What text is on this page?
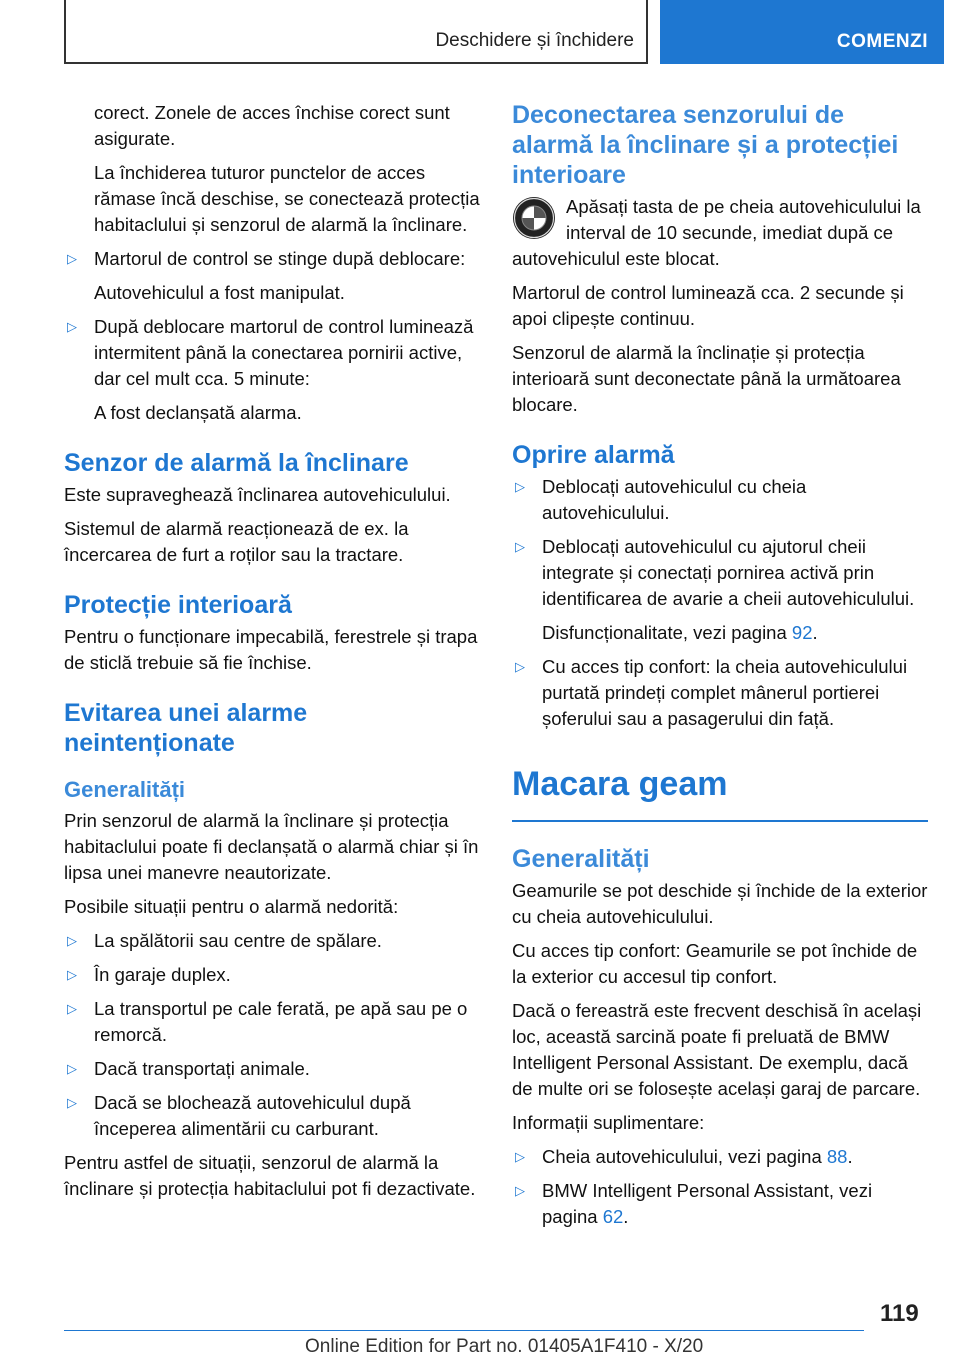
Deschidere și închidere	COMENZI

corect. Zonele de acces închise corect sunt asigurate.

La închiderea tuturor punctelor de acces rămase încă deschise, se conectează protecția habitaclului și senzorul de alarmă la înclinare.

▷ Martorul de control se stinge după deblocare:

Autovehiculul a fost manipulat.

▷ După deblocare martorul de control luminează intermitent până la conectarea pornirii active, dar cel mult cca. 5 minute:

A fost declanșată alarma.

Senzor de alarmă la înclinare

Este supraveghează înclinarea autovehiculului.

Sistemul de alarmă reacționează de ex. la încercarea de furt a roților sau la tractare.

Protecție interioară

Pentru o funcționare impecabilă, ferestrele și trapa de sticlă trebuie să fie închise.

Evitarea unei alarme neintenționate
Generalități

Prin senzorul de alarmă la înclinare și protecția habitaclului poate fi declanșată o alarmă chiar și în lipsa unei manevre neautorizate.

Posibile situații pentru o alarmă nedorită:

▷ La spălătorii sau centre de spălare.
▷ În garaje duplex.
▷ La transportul pe cale ferată, pe apă sau pe o remorcă.
▷ Dacă transportați animale.
▷ Dacă se blochează autovehiculul după începerea alimentării cu carburant.

Pentru astfel de situații, senzorul de alarmă la înclinare și protecția habitaclului pot fi dezactivate.

Deconectarea senzorului de alarmă la înclinare și a protecției interioare

Apăsați tasta de pe cheia autovehiculului la interval de 10 secunde, imediat după ce autovehiculul este blocat.

Martorul de control luminează cca. 2 secunde și apoi clipește continuu.

Senzorul de alarmă la înclinație și protecția interioară sunt deconectate până la următoarea blocare.

Oprire alarmă
▷ Deblocați autovehiculul cu cheia autovehiculului.
▷ Deblocați autovehiculul cu ajutorul cheii integrate și conectați pornirea activă prin identificarea de avarie a cheii autovehiculului.

Disfuncționalitate, vezi pagina 92.

▷ Cu acces tip confort: la cheia autovehiculului purtată prindeți complet mânerul portierei șoferului sau a pasagerului din față.
Macara geam
Generalități

Geamurile se pot deschide și închide de la exterior cu cheia autovehiculului.

Cu acces tip confort: Geamurile se pot închide de la exterior cu accesul tip confort.

Dacă o fereastră este frecvent deschisă în același loc, această sarcină poate fi preluată de BMW Intelligent Personal Assistant. De exemplu, dacă de multe ori se folosește același garaj de parcare.

Informații suplimentare:

▷ Cheia autovehiculului, vezi pagina 88.
▷ BMW Intelligent Personal Assistant, vezi pagina 62.
119
Online Edition for Part no. 01405A1F410 - X/20
